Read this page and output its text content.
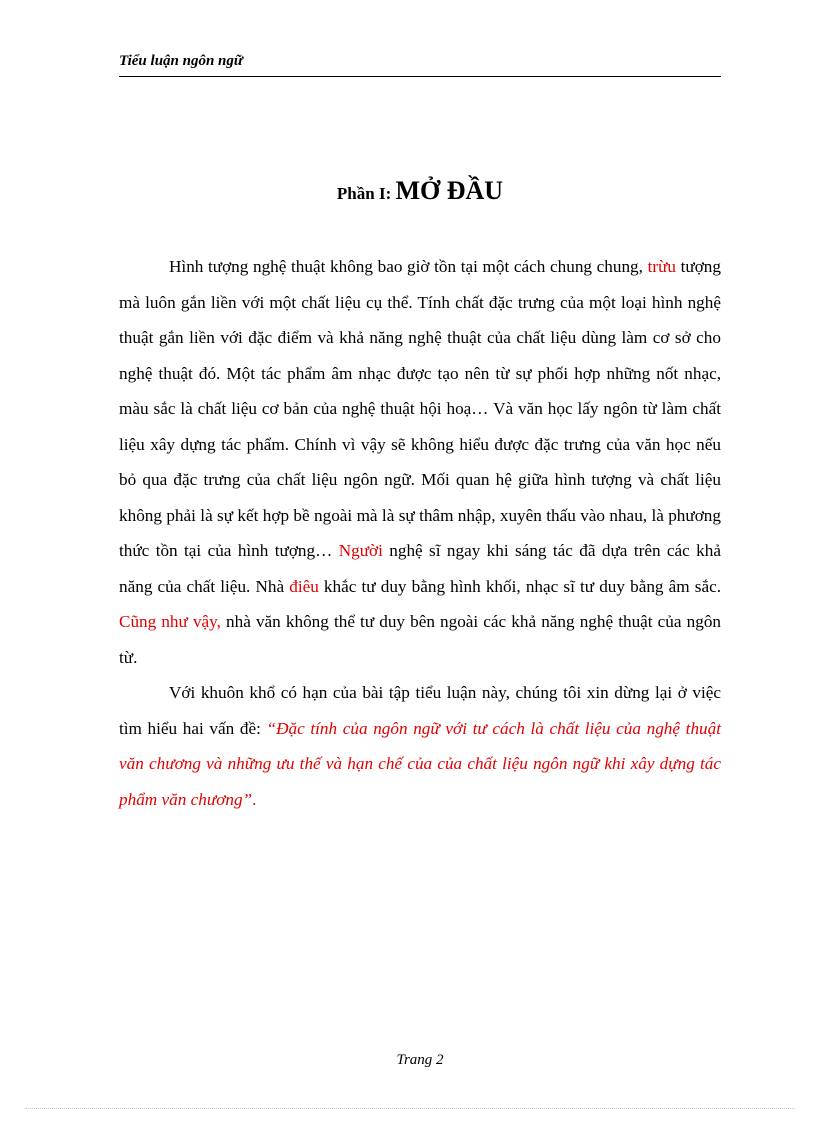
Tiểu luận ngôn ngữ
Phần I: MỞ ĐẦU

Hình tượng nghệ thuật không bao giờ tồn tại một cách chung chung, trừu tượng mà luôn gắn liền với một chất liệu cụ thể. Tính chất đặc trưng của một loại hình nghệ thuật gắn liền với đặc điểm và khả năng nghệ thuật của chất liệu dùng làm cơ sở cho nghệ thuật đó. Một tác phẩm âm nhạc được tạo nên từ sự phối hợp những nốt nhạc, màu sắc là chất liệu cơ bản của nghệ thuật hội hoạ… Và văn học lấy ngôn từ làm chất liệu xây dựng tác phẩm. Chính vì vậy sẽ không hiểu được đặc trưng của văn học nếu bỏ qua đặc trưng của chất liệu ngôn ngữ. Mối quan hệ giữa hình tượng và chất liệu không phải là sự kết hợp bề ngoài mà là sự thâm nhập, xuyên thấu vào nhau, là phương thức tồn tại của hình tượng… Người nghệ sĩ ngay khi sáng tác đã dựa trên các khả năng của chất liệu. Nhà điêu khắc tư duy bằng hình khối, nhạc sĩ tư duy bằng âm sắc. Cũng như vậy, nhà văn không thể tư duy bên ngoài các khả năng nghệ thuật của ngôn từ.

Với khuôn khổ có hạn của bài tập tiểu luận này, chúng tôi xin dừng lại ở việc tìm hiểu hai vấn đề: “Đặc tính của ngôn ngữ với tư cách là chất liệu của nghệ thuật văn chương và những ưu thế và hạn chế của của chất liệu ngôn ngữ khi xây dựng tác phẩm văn chương”.

Trang 2
